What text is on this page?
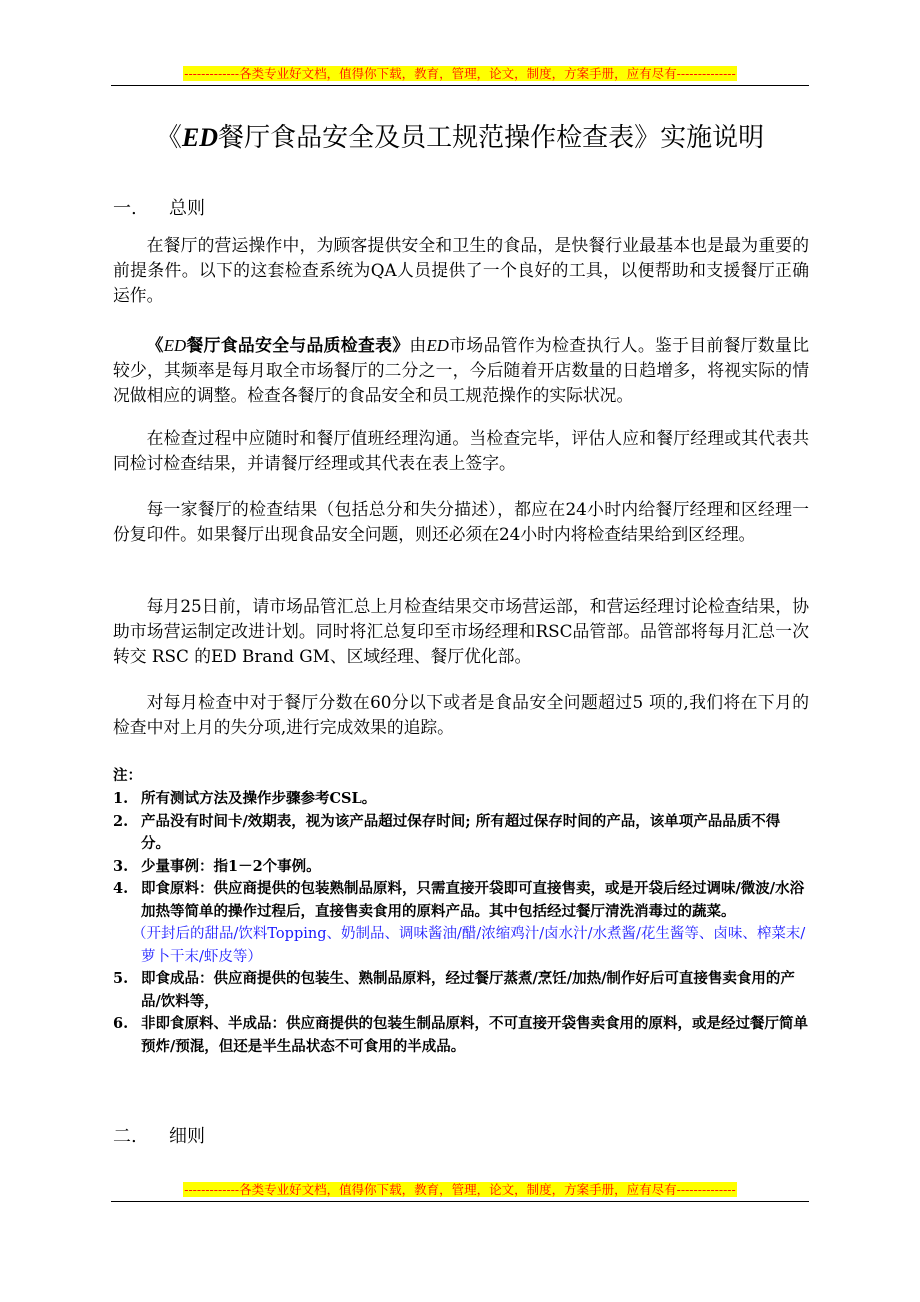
-------------各类专业好文档，值得你下载，教育，管理，论文，制度，方案手册，应有尽有--------------
《ED餐厅食品安全及员工规范操作检查表》实施说明
一. 总则
在餐厅的营运操作中，为顾客提供安全和卫生的食品，是快餐行业最基本也是最为重要的前提条件。以下的这套检查系统为QA人员提供了一个良好的工具，以便帮助和支援餐厅正确运作。
《ED餐厅食品安全与品质检查表》由ED市场品管作为检查执行人。鉴于目前餐厅数量比较少，其频率是每月取全市场餐厅的二分之一，今后随着开店数量的日趋增多，将视实际的情况做相应的调整。检查各餐厅的食品安全和员工规范操作的实际状况。
在检查过程中应随时和餐厅值班经理沟通。当检查完毕，评估人应和餐厅经理或其代表共同检讨检查结果，并请餐厅经理或其代表在表上签字。
每一家餐厅的检查结果（包括总分和失分描述），都应在24小时内给餐厅经理和区经理一份复印件。如果餐厅出现食品安全问题，则还必须在24小时内将检查结果给到区经理。
每月25日前，请市场品管汇总上月检查结果交市场营运部，和营运经理讨论检查结果，协助市场营运制定改进计划。同时将汇总复印至市场经理和RSC品管部。品管部将每月汇总一次转交 RSC 的ED Brand GM、区域经理、餐厅优化部。
对每月检查中对于餐厅分数在60分以下或者是食品安全问题超过5 项的,我们将在下月的检查中对上月的失分项,进行完成效果的追踪。
注：
1. 所有测试方法及操作步骤参考CSL。
2. 产品没有时间卡/效期表，视为该产品超过保存时间; 所有超过保存时间的产品，该单项产品品质不得分。
3. 少量事例：指1－2个事例。
4. 即食原料：供应商提供的包装熟制品原料，只需直接开袋即可直接售卖，或是开袋后经过调味/微波/水浴加热等简单的操作过程后，直接售卖食用的原料产品。其中包括经过餐厅清洗消毒过的蔬菜。
（开封后的甜品/饮料Topping、奶制品、调味酱油/醋/浓缩鸡汁/卤水汁/水煮酱/花生酱等、卤味、榨菜末/萝卜干末/虾皮等）
5. 即食成品：供应商提供的包装生、熟制品原料，经过餐厅蒸煮/烹饪/加热/制作好后可直接售卖食用的产品/饮料等，
6. 非即食原料、半成品：供应商提供的包装生制品原料，不可直接开袋售卖食用的原料，或是经过餐厅简单预炸/预混，但还是半生品状态不可食用的半成品。
二. 细则
-------------各类专业好文档，值得你下载，教育，管理，论文，制度，方案手册，应有尽有--------------
